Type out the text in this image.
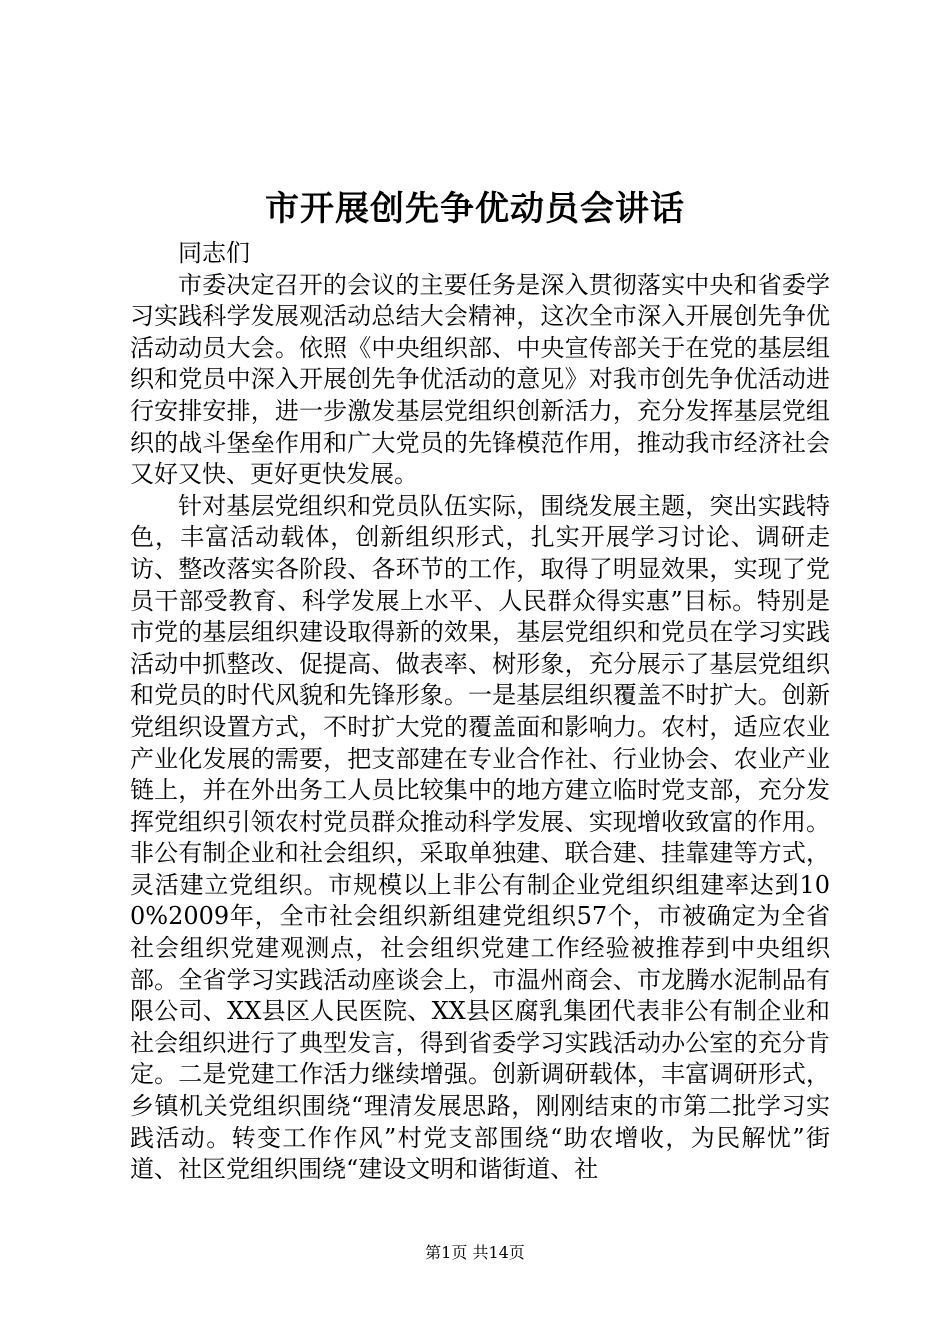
市开展创先争优动员会讲话

同志们

市委决定召开的会议的主要任务是深入贯彻落实中央和省委学习实践科学发展观活动总结大会精神，这次全市深入开展创先争优活动动员大会。依照《中央组织部、中央宣传部关于在党的基层组织和党员中深入开展创先争优活动的意见》对我市创先争优活动进行安排安排，进一步激发基层党组织创新活力，充分发挥基层党组织的战斗堡垒作用和广大党员的先锋模范作用，推动我市经济社会又好又快、更好更快发展。

针对基层党组织和党员队伍实际，围绕发展主题，突出实践特色，丰富活动载体，创新组织形式，扎实开展学习讨论、调研走访、整改落实各阶段、各环节的工作，取得了明显效果，实现了党员干部受教育、科学发展上水平、人民群众得实惠”目标。特别是市党的基层组织建设取得新的效果，基层党组织和党员在学习实践活动中抓整改、促提高、做表率、树形象，充分展示了基层党组织和党员的时代风貌和先锋形象。一是基层组织覆盖不时扩大。创新党组织设置方式，不时扩大党的覆盖面和影响力。农村，适应农业产业化发展的需要，把支部建在专业合作社、行业协会、农业产业链上，并在外出务工人员比较集中的地方建立临时党支部，充分发挥党组织引领农村党员群众推动科学发展、实现增收致富的作用。非公有制企业和社会组织，采取单独建、联合建、挂靠建等方式，灵活建立党组织。市规模以上非公有制企业党组织组建率达到100%2009年，全市社会组织新组建党组织57个，市被确定为全省社会组织党建观测点，社会组织党建工作经验被推荐到中央组织部。全省学习实践活动座谈会上，市温州商会、市龙腾水泥制品有限公司、XX县区人民医院、XX县区腐乳集团代表非公有制企业和社会组织进行了典型发言，得到省委学习实践活动办公室的充分肯定。二是党建工作活力继续增强。创新调研载体，丰富调研形式，乡镇机关党组织围绕“理清发展思路，刚刚结束的市第二批学习实践活动。转变工作作风”村党支部围绕“助农增收，为民解忧”街道、社区党组织围绕“建设文明和谐街道、社

第1页 共14页
